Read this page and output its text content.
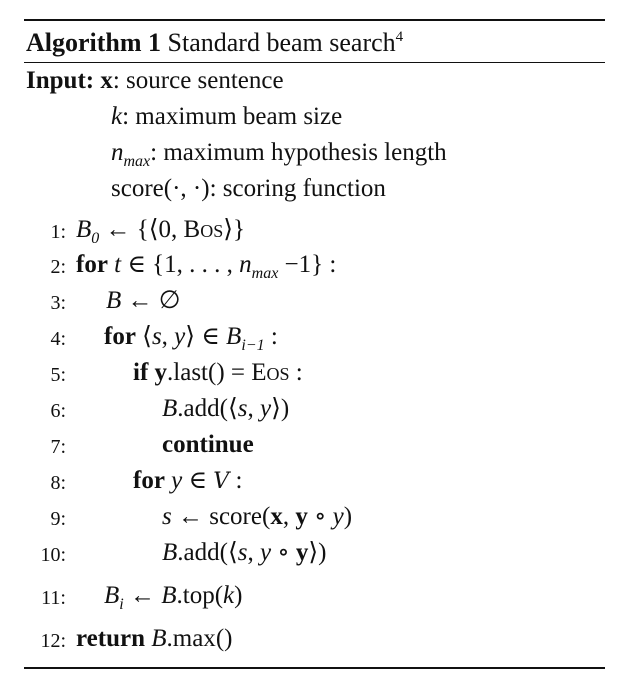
Algorithm 1 Standard beam search$^4$
Input: x: source sentence
k: maximum beam size
$n_{max}$: maximum hypothesis length
score(·, ·): scoring function
1:
2:
3:
4:
5:
6:
7:
8:
9:
10:
11:
12:
$B_0$ ← {⟨0, Bos⟩}
for t ∈ {1, . . . , $n_{max} -1$} :
B ← ∅
for ⟨s, y⟩ ∈ $B_{i-1}$ :
if y.last() = Eos :
B.add(⟨s, y⟩)
continue
for y ∈ V :
s ← score(x, y ∘ y)
B.add(⟨s, y ∘ y⟩)
$B_i$ ← B.top(k)
return B.max()
